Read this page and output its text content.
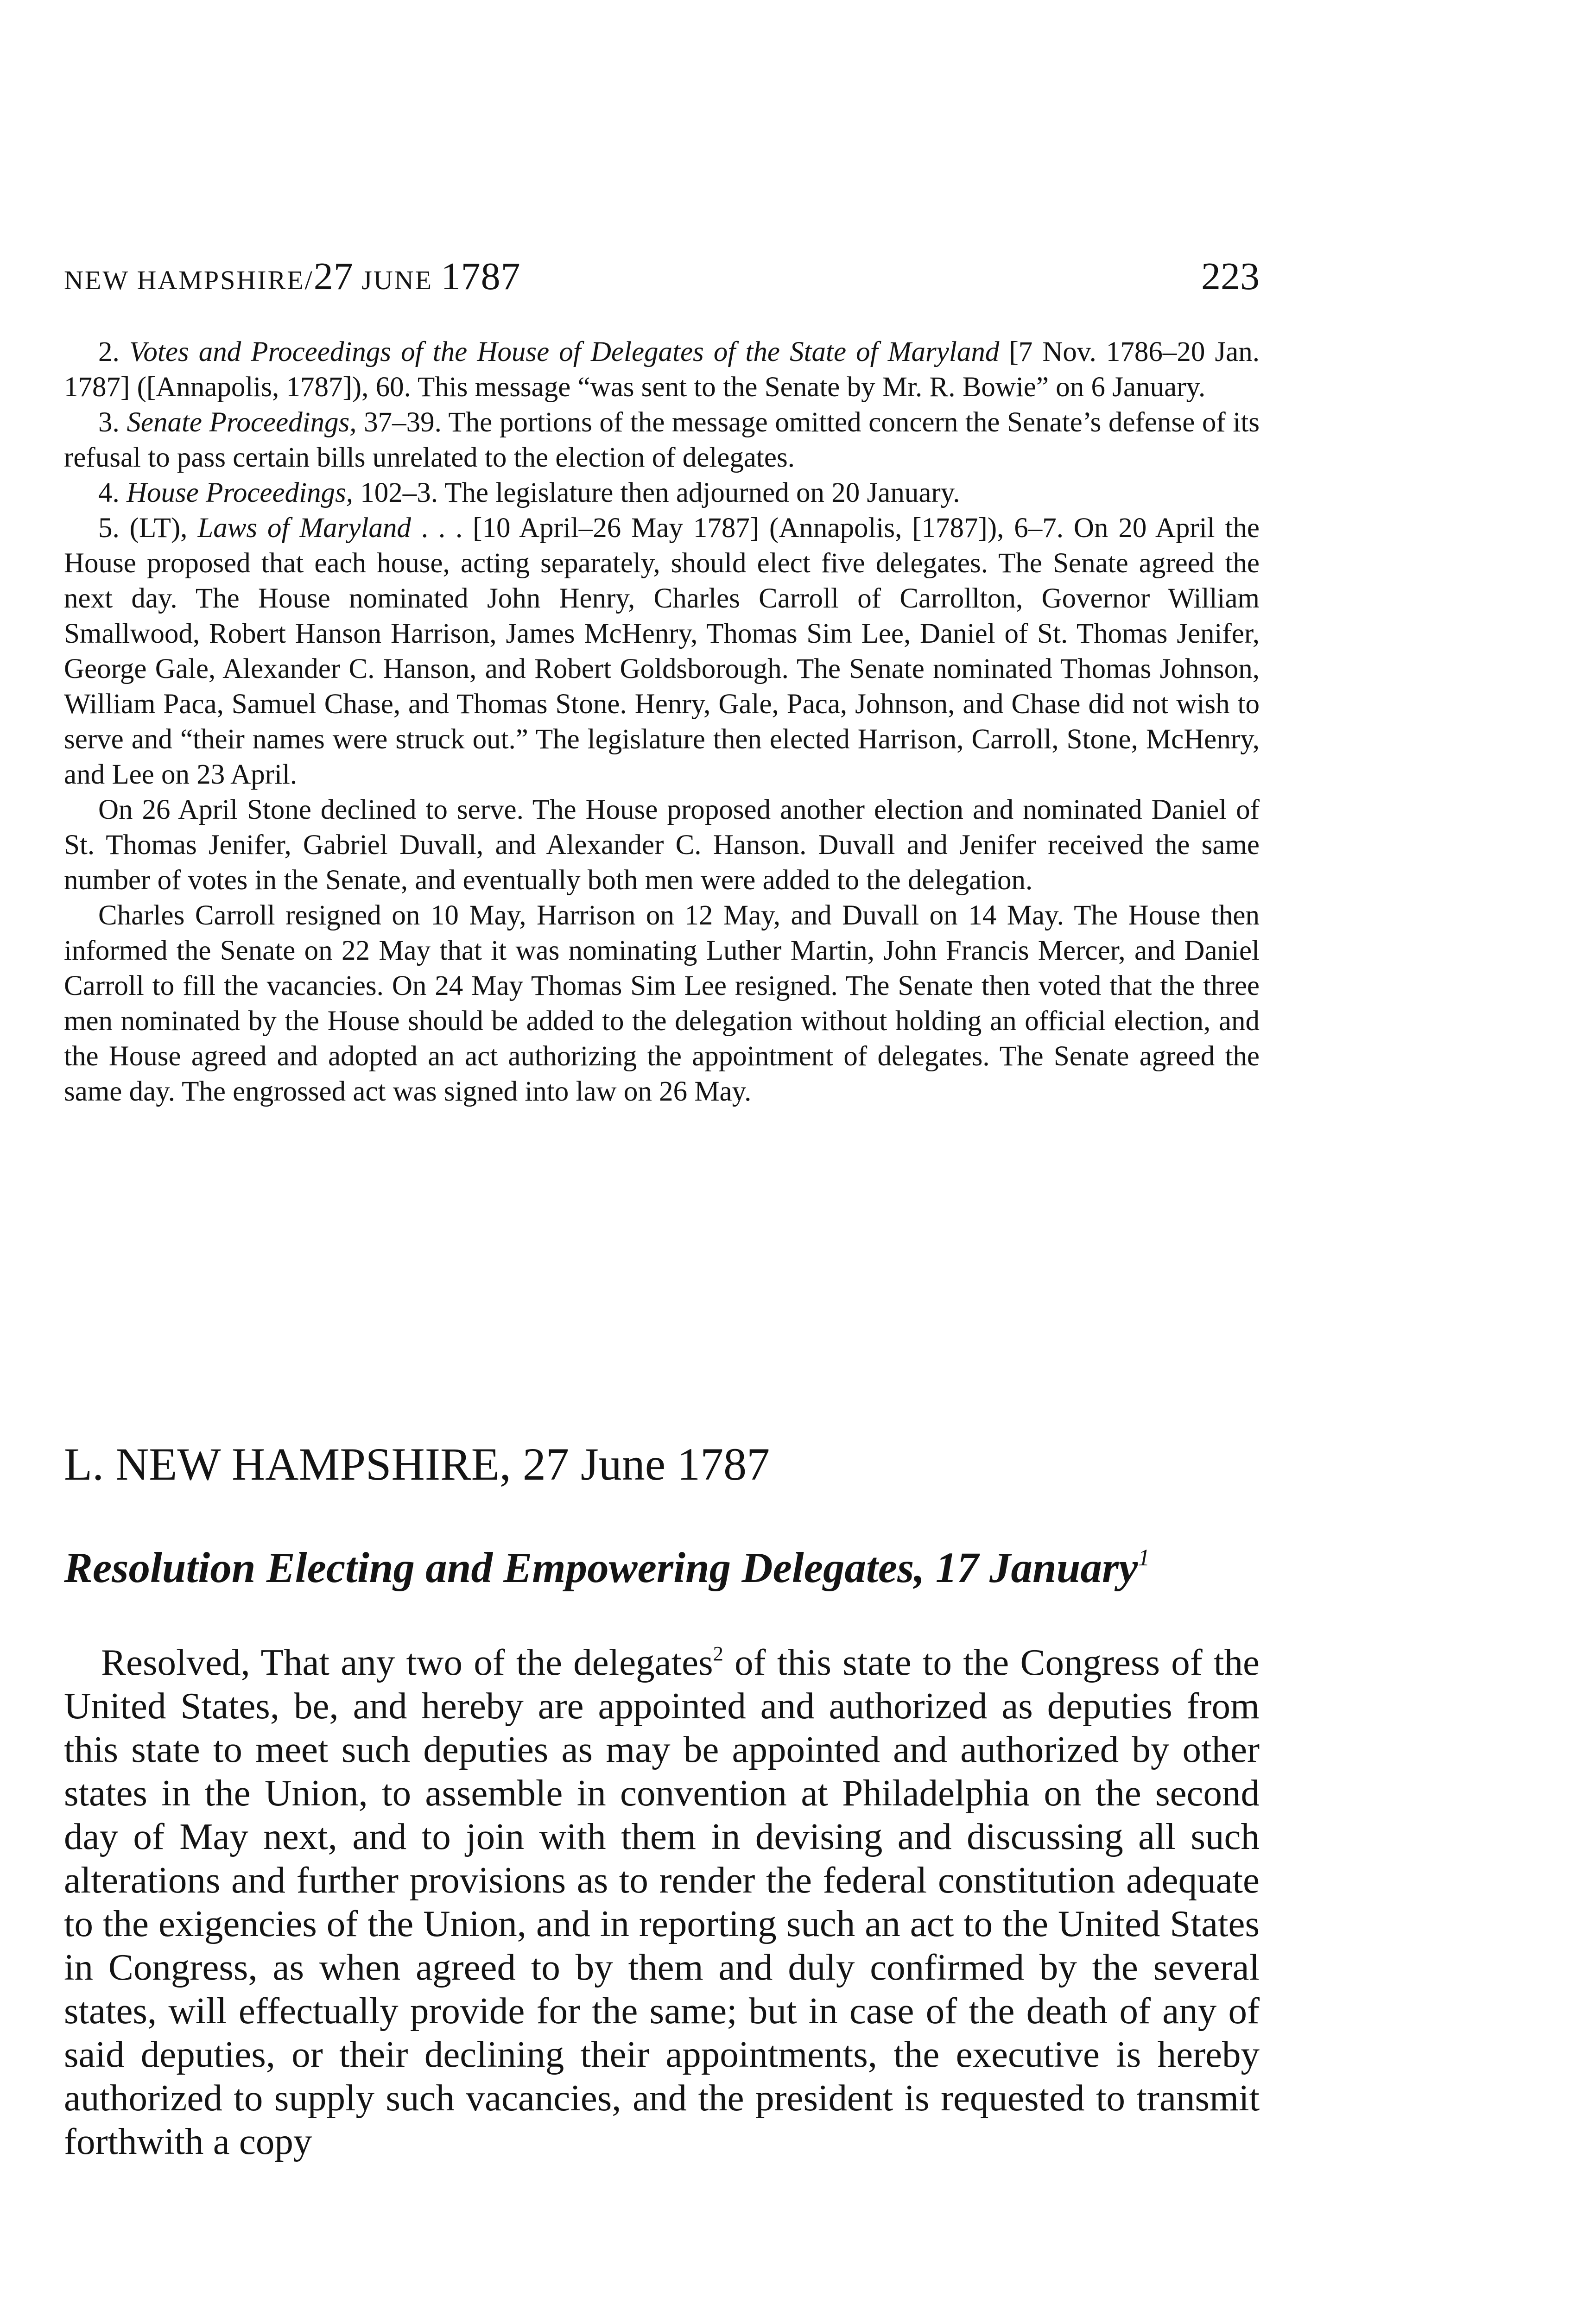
NEW HAMPSHIRE/27 JUNE 1787	223

2. Votes and Proceedings of the House of Delegates of the State of Maryland [7 Nov. 1786–20 Jan. 1787] ([Annapolis, 1787]), 60. This message “was sent to the Senate by Mr. R. Bowie” on 6 January.

3. Senate Proceedings, 37–39. The portions of the message omitted concern the Senate’s defense of its refusal to pass certain bills unrelated to the election of delegates.

4. House Proceedings, 102–3. The legislature then adjourned on 20 January.

5. (LT), Laws of Maryland . . . [10 April–26 May 1787] (Annapolis, [1787]), 6–7. On 20 April the House proposed that each house, acting separately, should elect five delegates. The Senate agreed the next day. The House nominated John Henry, Charles Carroll of Carrollton, Governor William Smallwood, Robert Hanson Harrison, James McHenry, Thomas Sim Lee, Daniel of St. Thomas Jenifer, George Gale, Alexander C. Hanson, and Robert Goldsborough. The Senate nominated Thomas Johnson, William Paca, Samuel Chase, and Thomas Stone. Henry, Gale, Paca, Johnson, and Chase did not wish to serve and “their names were struck out.” The legislature then elected Harrison, Carroll, Stone, McHenry, and Lee on 23 April.

On 26 April Stone declined to serve. The House proposed another election and nominated Daniel of St. Thomas Jenifer, Gabriel Duvall, and Alexander C. Hanson. Duvall and Jenifer received the same number of votes in the Senate, and eventually both men were added to the delegation.

Charles Carroll resigned on 10 May, Harrison on 12 May, and Duvall on 14 May. The House then informed the Senate on 22 May that it was nominating Luther Martin, John Francis Mercer, and Daniel Carroll to fill the vacancies. On 24 May Thomas Sim Lee resigned. The Senate then voted that the three men nominated by the House should be added to the delegation without holding an official election, and the House agreed and adopted an act authorizing the appointment of delegates. The Senate agreed the same day. The engrossed act was signed into law on 26 May.

L. NEW HAMPSHIRE, 27 June 1787
Resolution Electing and Empowering Delegates, 17 January$^1$

Resolved, That any two of the delegates$^2$ of this state to the Congress of the United States, be, and hereby are appointed and authorized as deputies from this state to meet such deputies as may be appointed and authorized by other states in the Union, to assemble in convention at Philadelphia on the second day of May next, and to join with them in devising and discussing all such alterations and further provisions as to render the federal constitution adequate to the exigencies of the Union, and in reporting such an act to the United States in Congress, as when agreed to by them and duly confirmed by the several states, will effectually provide for the same; but in case of the death of any of said deputies, or their declining their appointments, the executive is hereby authorized to supply such vacancies, and the president is requested to transmit forthwith a copy
